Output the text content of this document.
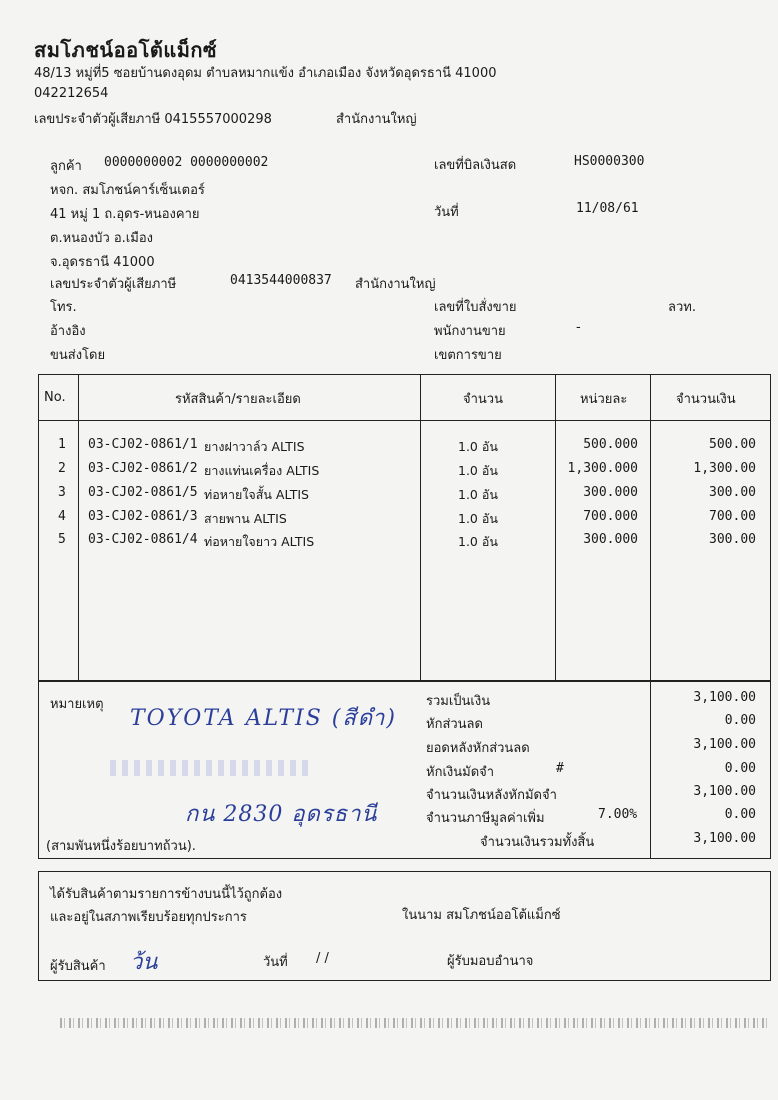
สมโภชน์ออโต้แม็กซ์
48/13 หมู่ที่5 ซอยบ้านดงอุดม ตำบลหมากแข้ง อำเภอเมือง จังหวัดอุดรธานี 41000
042212654
เลขประจำตัวผู้เสียภาษี 0415557000298	สำนักงานใหญ่
ลูกค้า 0000000002 0000000002
หจก. สมโภชน์คาร์เซ็นเตอร์
41 หมู่ 1 ถ.อุดร-หนองคาย
ต.หนองบัว อ.เมือง
จ.อุดรธานี 41000
เลขประจำตัวผู้เสียภาษี	0413544000837 สำนักงานใหญ่
โทร.
อ้างอิง
ขนส่งโดย
เลขที่บิลเงินสด	HS0000300
วันที่	11/08/61
เลขที่ใบสั่งขาย	ลวท.
พนักงานขาย	-
เขตการขาย
No.	รหัสสินค้า/รายละเอียด	จำนวน	หน่วยละ	จำนวนเงิน
1 03-CJ02-0861/1 ยางฝาวาล์ว ALTIS	1.0 อัน	500.000	500.00
2 03-CJ02-0861/2 ยางแท่นเครื่อง ALTIS	1.0 อัน	1,300.000	1,300.00
3 03-CJ02-0861/5 ท่อหายใจสั้น ALTIS	1.0 อัน	300.000	300.00
4 03-CJ02-0861/3 สายพาน ALTIS	1.0 อัน	700.000	700.00
5 03-CJ02-0861/4 ท่อหายใจยาว ALTIS	1.0 อัน	300.000	300.00
หมายเหตุ
TOYOTA ALTIS (สีดำ)
กน 2830 อุดรธานี
(สามพันหนึ่งร้อยบาทถ้วน).
รวมเป็นเงิน	3,100.00
หักส่วนลด	0.00
ยอดหลังหักส่วนลด	3,100.00
หักเงินมัดจำ	#	0.00
จำนวนเงินหลังหักมัดจำ	3,100.00
จำนวนภาษีมูลค่าเพิ่ม	7.00%	0.00
จำนวนเงินรวมทั้งสิ้น	3,100.00
ได้รับสินค้าตามรายการข้างบนนี้ไว้ถูกต้อง
และอยู่ในสภาพเรียบร้อยทุกประการ	ในนาม สมโภชน์ออโต้แม็กซ์
ผู้รับสินค้า ว้น	วันที่ / /	ผู้รับมอบอำนาจ
